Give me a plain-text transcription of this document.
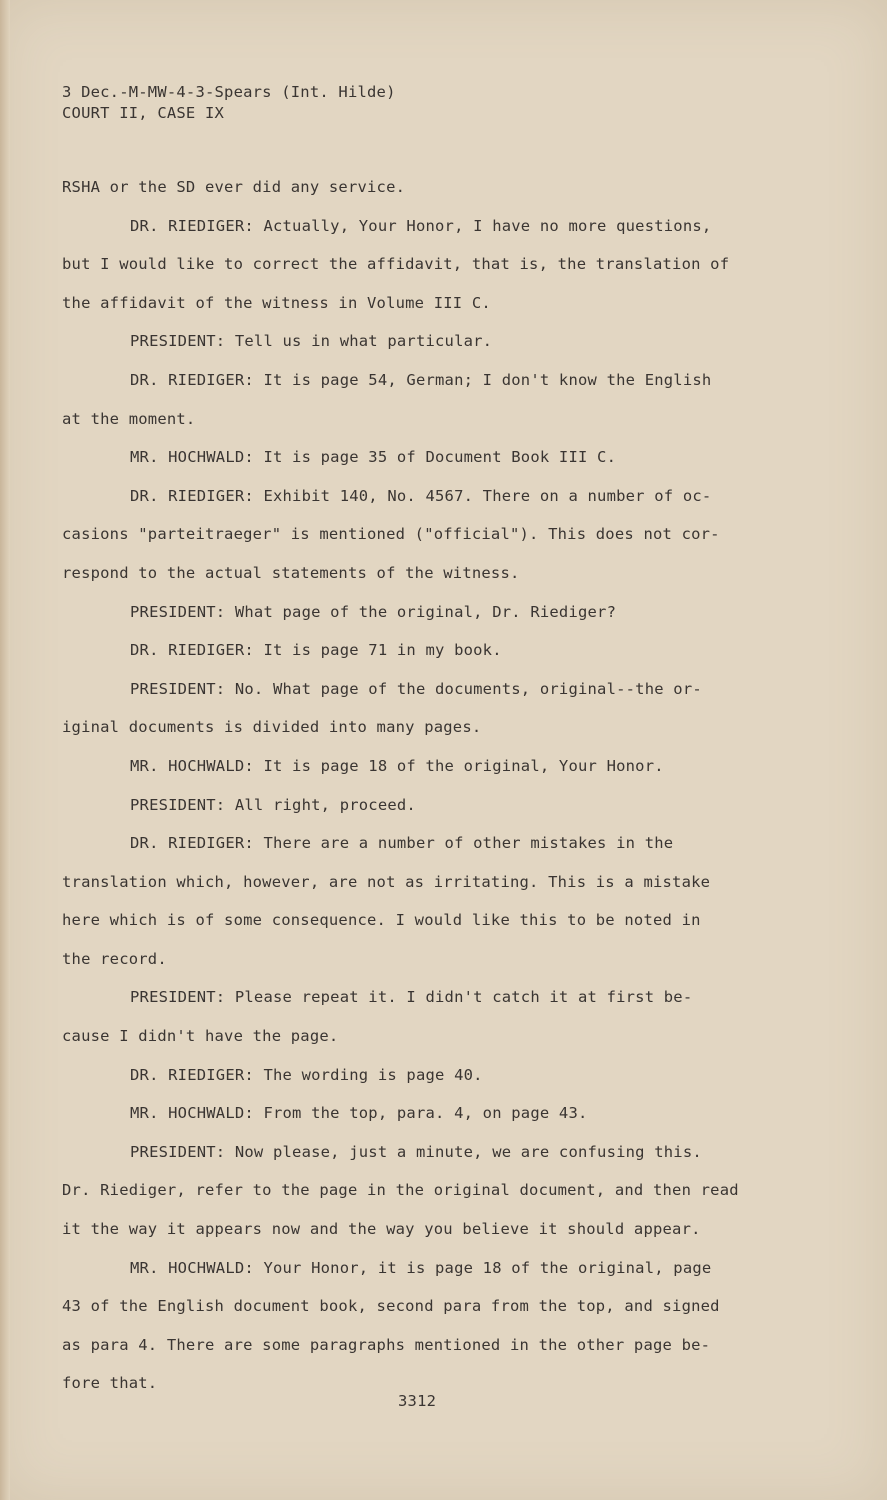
3 Dec.-M-MW-4-3-Spears (Int. Hilde)
COURT II, CASE IX
RSHA or the SD ever did any service.
DR. RIEDIGER: Actually, Your Honor, I have no more questions,
but I would like to correct the affidavit, that is, the translation of
the affidavit of the witness in Volume III C.
PRESIDENT: Tell us in what particular.
DR. RIEDIGER: It is page 54, German; I don't know the English
at the moment.
MR. HOCHWALD: It is page 35 of Document Book III C.
DR. RIEDIGER: Exhibit 140, No. 4567. There on a number of oc-
casions "parteitraeger" is mentioned ("official"). This does not cor-
respond to the actual statements of the witness.
PRESIDENT: What page of the original, Dr. Riediger?
DR. RIEDIGER: It is page 71 in my book.
PRESIDENT: No. What page of the documents, original--the or-
iginal documents is divided into many pages.
MR. HOCHWALD: It is page 18 of the original, Your Honor.
PRESIDENT: All right, proceed.
DR. RIEDIGER: There are a number of other mistakes in the
translation which, however, are not as irritating. This is a mistake
here which is of some consequence. I would like this to be noted in
the record.
PRESIDENT: Please repeat it. I didn't catch it at first be-
cause I didn't have the page.
DR. RIEDIGER: The wording is page 40.
MR. HOCHWALD: From the top, para. 4, on page 43.
PRESIDENT: Now please, just a minute, we are confusing this.
Dr. Riediger, refer to the page in the original document, and then read
it the way it appears now and the way you believe it should appear.
MR. HOCHWALD: Your Honor, it is page 18 of the original, page
43 of the English document book, second para from the top, and signed
as para 4. There are some paragraphs mentioned in the other page be-
fore that.
3312
